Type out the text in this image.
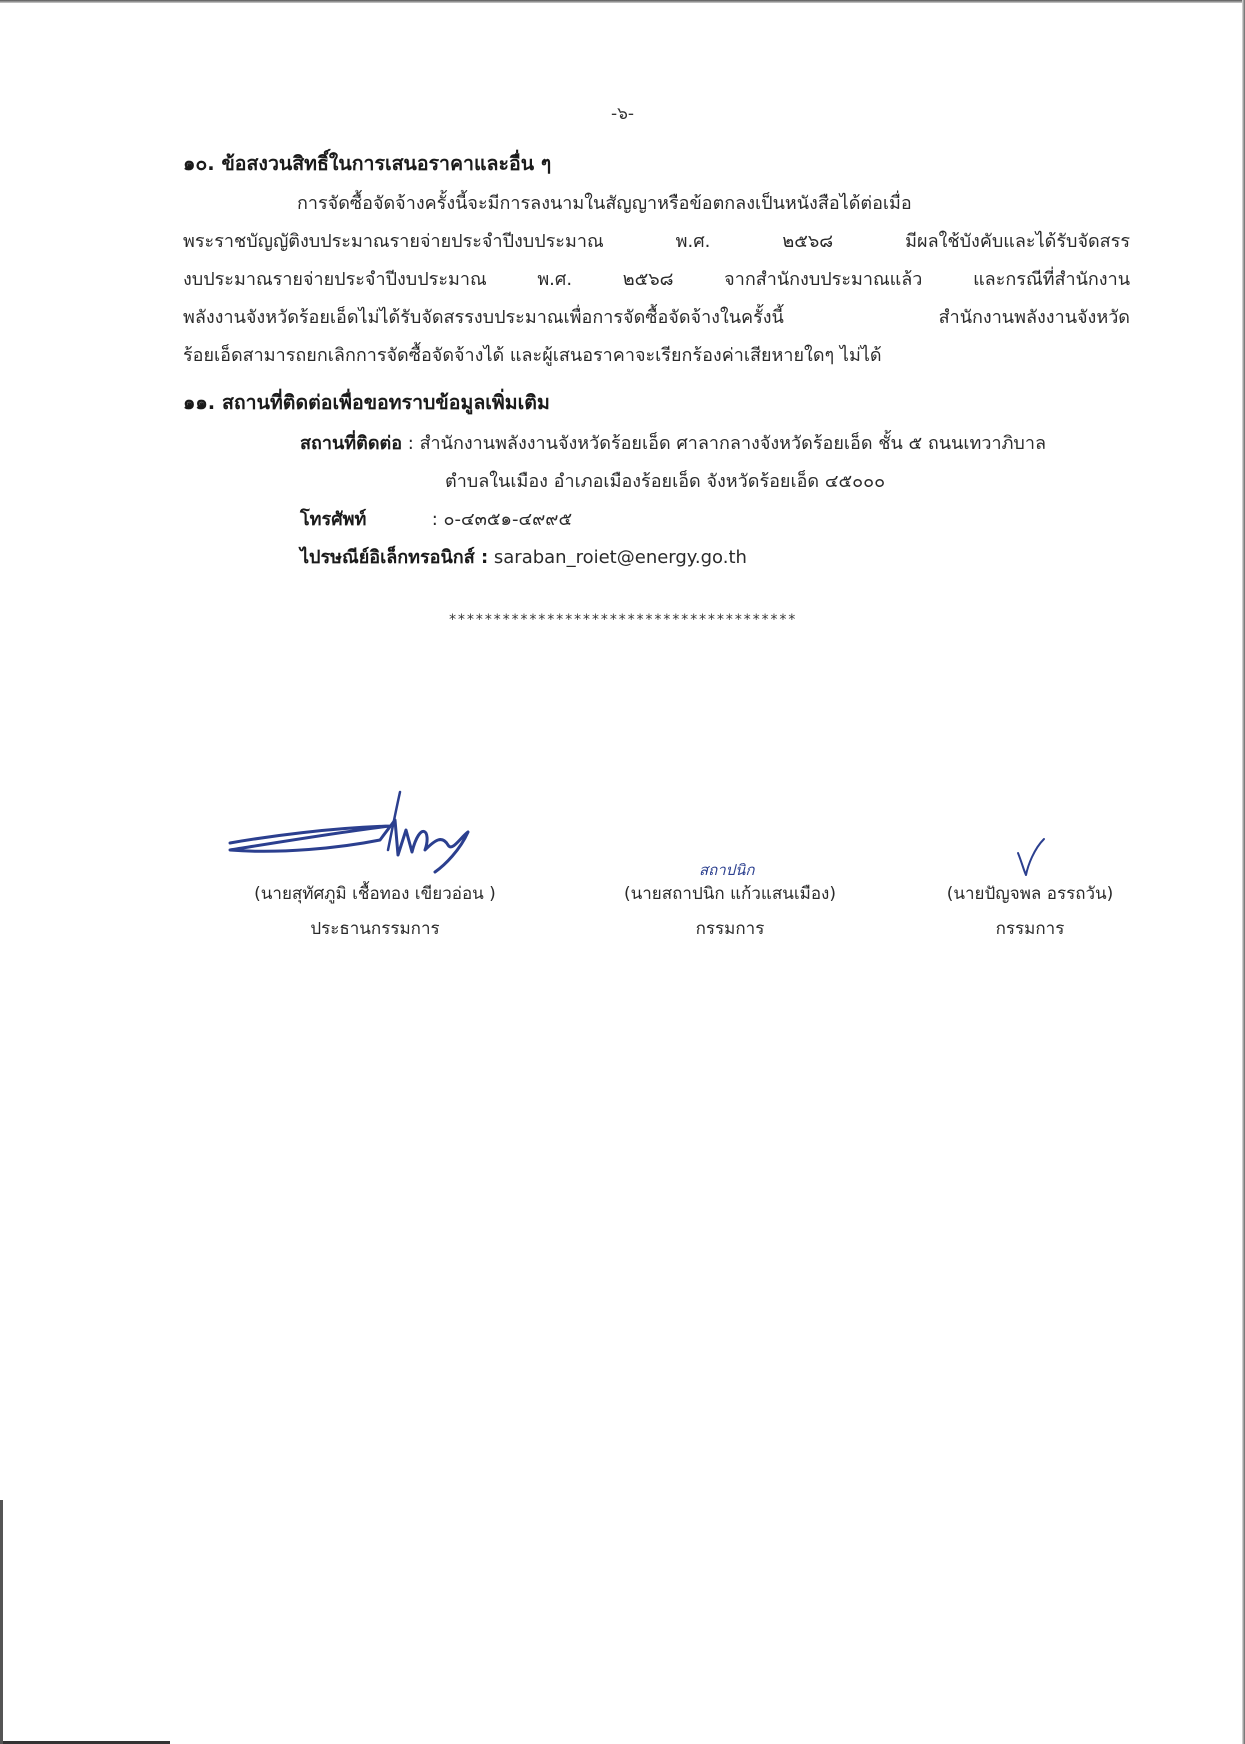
-๖-
๑๐. ข้อสงวนสิทธิ์ในการเสนอราคาและอื่น ๆ
การจัดซื้อจัดจ้างครั้งนี้จะมีการลงนามในสัญญาหรือข้อตกลงเป็นหนังสือได้ต่อเมื่อ
พระราชบัญญัติงบประมาณรายจ่ายประจำปีงบประมาณ พ.ศ. ๒๕๖๘ มีผลใช้บังคับและได้รับจัดสรร
งบประมาณรายจ่ายประจำปีงบประมาณ พ.ศ. ๒๕๖๘ จากสำนักงบประมาณแล้ว และกรณีที่สำนักงาน
พลังงานจังหวัดร้อยเอ็ดไม่ได้รับจัดสรรงบประมาณเพื่อการจัดซื้อจัดจ้างในครั้งนี้ สำนักงานพลังงานจังหวัด
ร้อยเอ็ดสามารถยกเลิกการจัดซื้อจัดจ้างได้ และผู้เสนอราคาจะเรียกร้องค่าเสียหายใดๆ ไม่ได้
๑๑. สถานที่ติดต่อเพื่อขอทราบข้อมูลเพิ่มเติม
สถานที่ติดต่อ : สำนักงานพลังงานจังหวัดร้อยเอ็ด ศาลากลางจังหวัดร้อยเอ็ด ชั้น ๕ ถนนเทวาภิบาล
ตำบลในเมือง อำเภอเมืองร้อยเอ็ด จังหวัดร้อยเอ็ด ๔๕๐๐๐
โทรศัพท์	: ๐-๔๓๕๑-๔๙๙๕
ไปรษณีย์อิเล็กทรอนิกส์ : saraban_roiet@energy.go.th
***************************************
สถาปนิก
(นายสุทัศภูมิ เชื้อทอง เขียวอ่อน )
ประธานกรรมการ
(นายสถาปนิก แก้วแสนเมือง)
กรรมการ
(นายปัญจพล อรรถวัน)
กรรมการ
